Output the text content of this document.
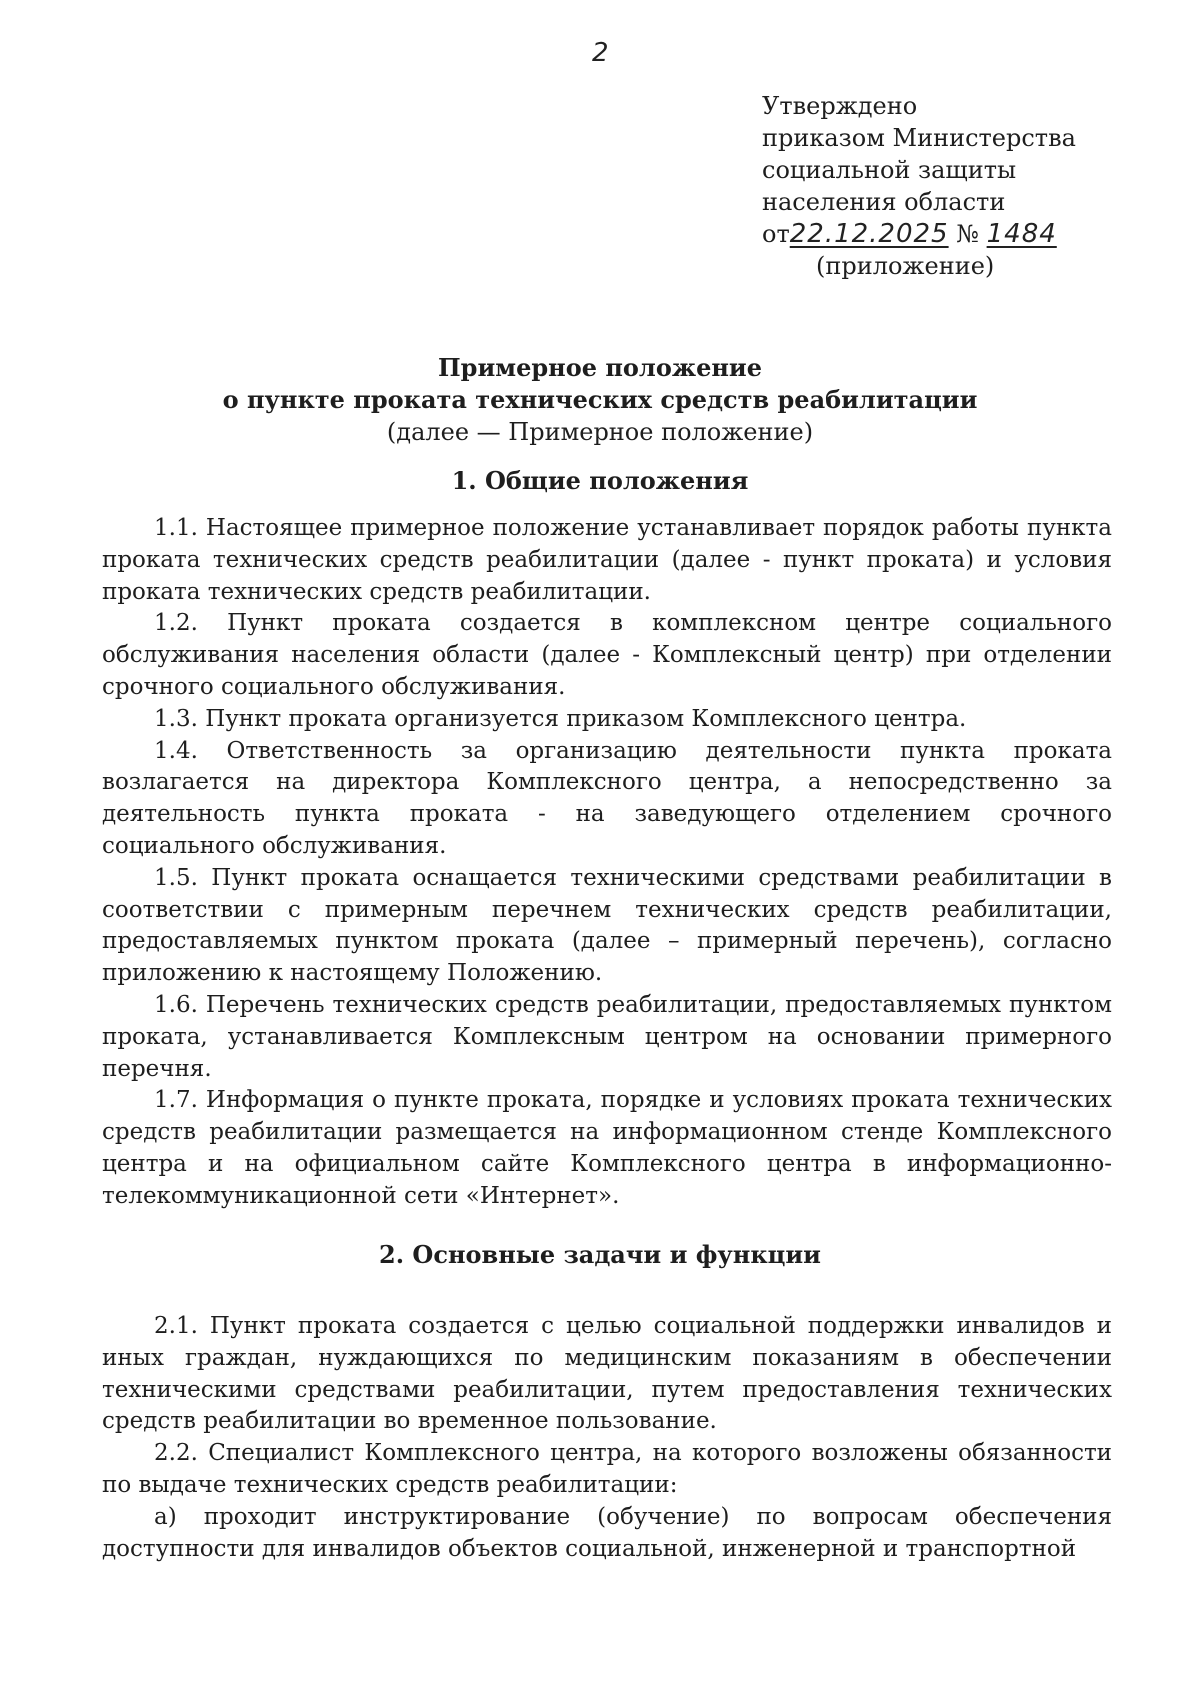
2
Утверждено
приказом Министерства
социальной защиты
населения области
от22.12.2025 № 1484
(приложение)
Примерное положение
о пункте проката технических средств реабилитации
(далее — Примерное положение)
1. Общие положения

1.1. Настоящее примерное положение устанавливает порядок работы пункта проката технических средств реабилитации (далее - пункт проката) и условия проката технических средств реабилитации.

1.2. Пункт проката создается в комплексном центре социального обслуживания населения области (далее - Комплексный центр) при отделении срочного социального обслуживания.

1.3. Пункт проката организуется приказом Комплексного центра.

1.4. Ответственность за организацию деятельности пункта проката возлагается на директора Комплексного центра, а непосредственно за деятельность пункта проката - на заведующего отделением срочного социального обслуживания.

1.5. Пункт проката оснащается техническими средствами реабилитации в соответствии с примерным перечнем технических средств реабилитации, предоставляемых пунктом проката (далее – примерный перечень), согласно приложению к настоящему Положению.

1.6. Перечень технических средств реабилитации, предоставляемых пунктом проката, устанавливается Комплексным центром на основании примерного перечня.

1.7. Информация о пункте проката, порядке и условиях проката технических средств реабилитации размещается на информационном стенде Комплексного центра и на официальном сайте Комплексного центра в информационно-телекоммуникационной сети «Интернет».

2. Основные задачи и функции

2.1. Пункт проката создается с целью социальной поддержки инвалидов и иных граждан, нуждающихся по медицинским показаниям в обеспечении техническими средствами реабилитации, путем предоставления технических средств реабилитации во временное пользование.

2.2. Специалист Комплексного центра, на которого возложены обязанности по выдаче технических средств реабилитации:

а) проходит инструктирование (обучение) по вопросам обеспечения доступности для инвалидов объектов социальной, инженерной и транспортной
